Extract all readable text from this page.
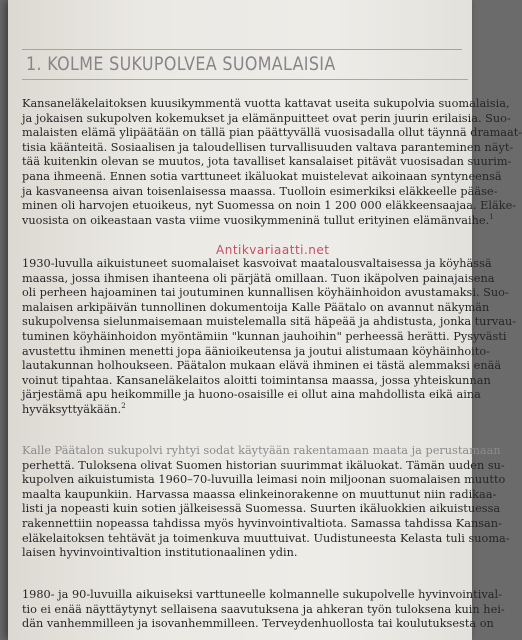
1. KOLME SUKUPOLVEA SUOMALAISIA
Kansaneläkelaitoksen kuusikymmentä vuotta kattavat useita sukupolvia suomalaisia,
ja jokaisen sukupolven kokemukset ja elämänpuitteet ovat perin juurin erilaisia. Suo-
malaisten elämä ylipäätään on tällä pian päättyvällä vuosisadalla ollut täynnä dramaat-
tisia käänteitä. Sosiaalisen ja taloudellisen turvallisuuden valtava paranteminen näyt-
tää kuitenkin olevan se muutos, jota tavalliset kansalaiset pitävät vuosisadan suurim-
pana ihmeenä. Ennen sotia varttuneet ikäluokat muistelevat aikoinaan syntyneensä
ja kasvaneensa aivan toisenlaisessa maassa. Tuolloin esimerkiksi eläkkeelle pääse-
minen oli harvojen etuoikeus, nyt Suomessa on noin 1 200 000 eläkkeensaajaa. Eläke-
vuosista on oikeastaan vasta viime vuosikymmeninä tullut erityinen elämänvaihe.$^1$
1930-luvulla aikuistuneet suomalaiset kasvoivat maatalousvaltaisessa ja köyhässä
maassa, jossa ihmisen ihanteena oli pärjätä omillaan. Tuon ikäpolven painajaisena
oli perheen hajoaminen tai joutuminen kunnallisen köyhäinhoidon avustamaksi. Suo-
malaisen arkipäivän tunnollinen dokumentoija Kalle Päätalo on avannut näkymän
sukupolvensa sielunmaisemaan muistelemalla sitä häpeää ja ahdistusta, jonka turvau-
tuminen köyhäinhoidon myöntämiin "kunnan jauhoihin" perheessä herätti. Pysyvästi
avustettu ihminen menetti jopa äänioikeutensa ja joutui alistumaan köyhäinhoito-
lautakunnan holhoukseen. Päätalon mukaan elävä ihminen ei tästä alemmaksi enää
voinut tipahtaa. Kansaneläkelaitos aloitti toimintansa maassa, jossa yhteiskunnan
järjestämä apu heikommille ja huono-osaisille ei ollut aina mahdollista eikä aina
hyväksyttyäkään.$^2$
Kalle Päätalon sukupolvi ryhtyi sodat käytyään rakentamaan maata ja perustamaan
perhettä. Tuloksena olivat Suomen historian suurimmat ikäluokat. Tämän uuden su-
kupolven aikuistumista 1960–70-luvuilla leimasi noin miljoonan suomalaisen muutto
maalta kaupunkiin. Harvassa maassa elinkeinorakenne on muuttunut niin radikaa-
listi ja nopeasti kuin sotien jälkeisessä Suomessa. Suurten ikäluokkien aikuistuessa
rakennettiin nopeassa tahdissa myös hyvinvointivaltiota. Samassa tahdissa Kansan-
eläkelaitoksen tehtävät ja toimenkuva muuttuivat. Uudistuneesta Kelasta tuli suoma-
laisen hyvinvointivaltion institutionaalinen ydin.
1980- ja 90-luvuilla aikuiseksi varttuneelle kolmannelle sukupolvelle hyvinvointival-
tio ei enää näyttäytynyt sellaisena saavutuksena ja ahkeran työn tuloksena kuin hei-
dän vanhemmilleen ja isovanhemmilleen. Terveydenhuollosta tai koulutuksesta on
Antikvariaatti.net
